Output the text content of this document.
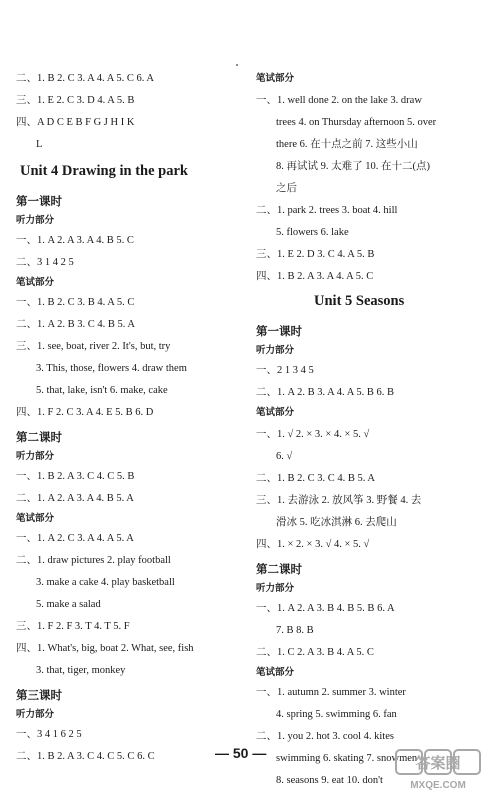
二、1. B 2. C 3. A 4. A 5. C 6. A
三、1. E 2. C 3. D 4. A 5. B
四、A D C E B F G J H I K
L
Unit 4 Drawing in the park
第一课时
听力部分
一、1. A 2. A 3. A 4. B 5. C
二、3 1 4 2 5
笔试部分
一、1. B 2. C 3. B 4. A 5. C
二、1. A 2. B 3. C 4. B 5. A
三、1. see, boat, river 2. It's, but, try
3. This, those, flowers 4. draw them
5. that, lake, isn't 6. make, cake
四、1. F 2. C 3. A 4. E 5. B 6. D
第二课时
听力部分
一、1. B 2. A 3. C 4. C 5. B
二、1. A 2. A 3. A 4. B 5. A
笔试部分
一、1. A 2. C 3. A 4. A 5. A
二、1. draw pictures 2. play football
3. make a cake 4. play basketball
5. make a salad
三、1. F 2. F 3. T 4. T 5. F
四、1. What's, big, boat 2. What, see, fish
3. that, tiger, monkey
第三课时
听力部分
一、3 4 1 6 2 5
二、1. B 2. A 3. C 4. C 5. C 6. C
笔试部分
一、1. well done 2. on the lake 3. draw
trees 4. on Thursday afternoon 5. over
there 6. 在十点之前 7. 这些小山
8. 再试试 9. 太难了 10. 在十二(点)
之后
二、1. park 2. trees 3. boat 4. hill
5. flowers 6. lake
三、1. E 2. D 3. C 4. A 5. B
四、1. B 2. A 3. A 4. A 5. C
Unit 5 Seasons
第一课时
听力部分
一、2 1 3 4 5
二、1. A 2. B 3. A 4. A 5. B 6. B
笔试部分
一、1. √ 2. × 3. × 4. × 5. √
6. √
二、1. B 2. C 3. C 4. B 5. A
三、1. 去游泳 2. 放风筝 3. 野餐 4. 去
滑冰 5. 吃冰淇淋 6. 去爬山
四、1. × 2. × 3. √ 4. × 5. √
第二课时
听力部分
一、1. A 2. A 3. B 4. B 5. B 6. A
7. B 8. B
二、1. C 2. A 3. B 4. A 5. C
笔试部分
一、1. autumn 2. summer 3. winter
4. spring 5. swimming 6. fan
二、1. you 2. hot 3. cool 4. kites
swimming 6. skating 7. snowmen
8. seasons 9. eat 10. don't
— 50 —
答案圈
MXQE.COM
